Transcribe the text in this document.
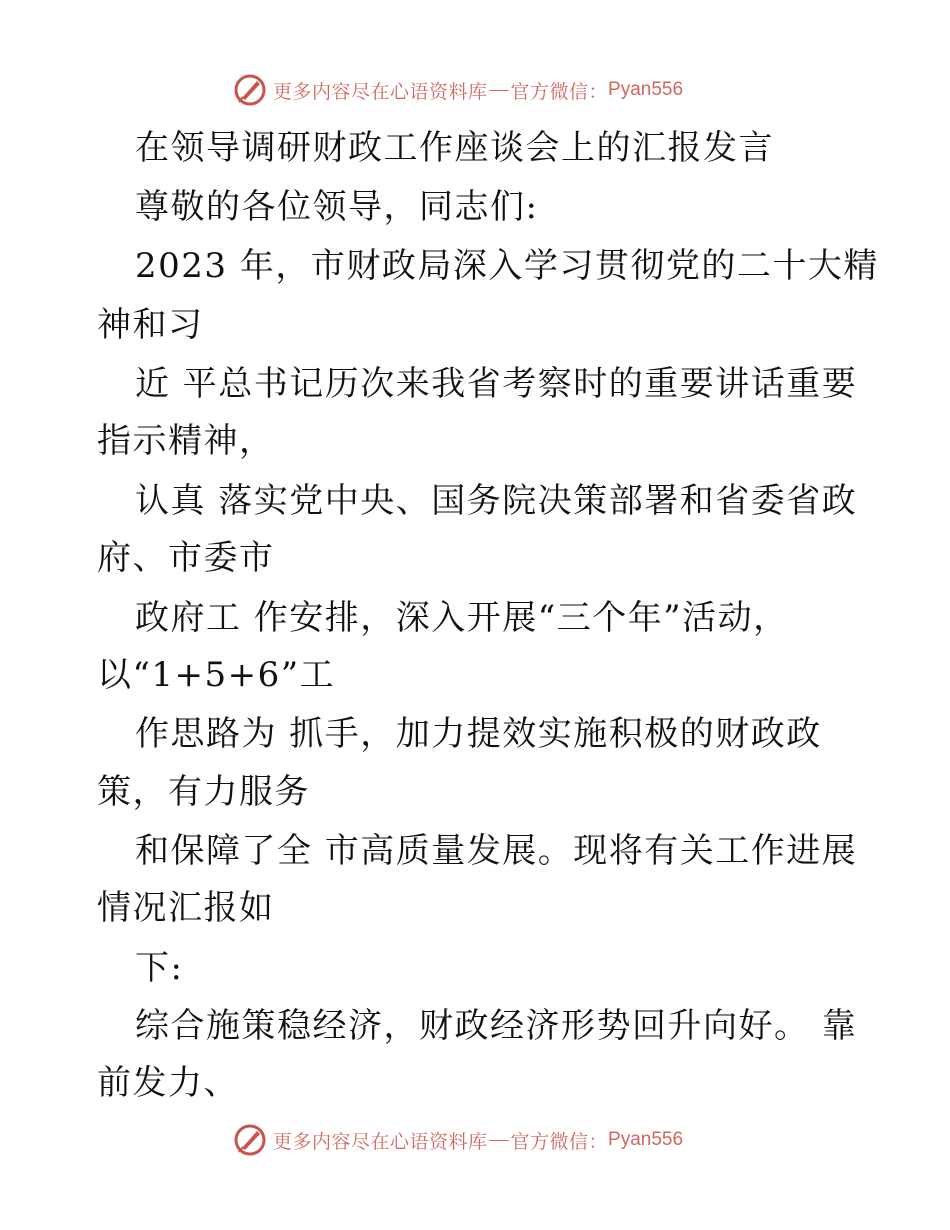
更多内容尽在心语资料库 — 官方微信： Pyan556
在领导调研财政工作座谈会上的汇报发言
尊敬的各位领导，同志们:
2023 年，市财政局深入学习贯彻党的二十大精
神和习
近 平总书记历次来我省考察时的重要讲话重要
指示精神，
认真 落实党中央、国务院决策部署和省委省政
府、市委市
政府工 作安排，深入开展“三个年”活动，
以“1+5+6”工
作思路为 抓手，加力提效实施积极的财政政
策，有力服务
和保障了全 市高质量发展。现将有关工作进展
情况汇报如
下:
综合施策稳经济，财政经济形势回升向好。 靠
前发力、
更多内容尽在心语资料库 — 官方微信： Pyan556
